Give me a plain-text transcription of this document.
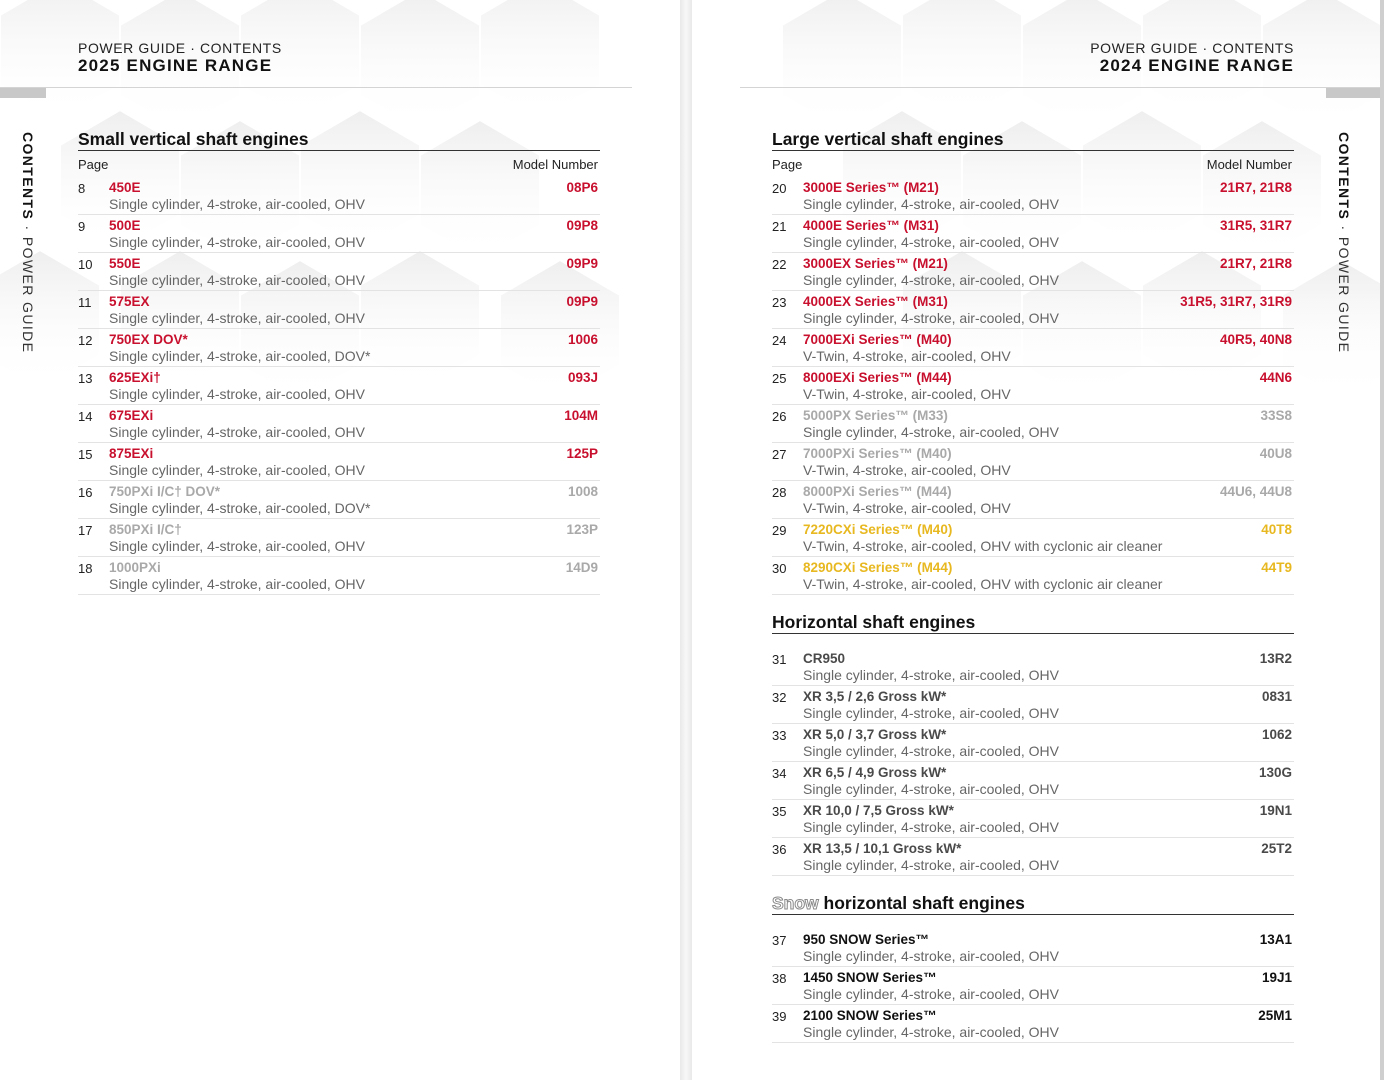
POWER GUIDE · CONTENTS
2025 ENGINE RANGE
CONTENTS · POWER GUIDE
Small vertical shaft engines
Page	Model Number
8 450E
Single cylinder, 4-stroke, air-cooled, OHV
08P6
9 500E
Single cylinder, 4-stroke, air-cooled, OHV
09P8
10 550E
Single cylinder, 4-stroke, air-cooled, OHV
09P9
11 575EX
Single cylinder, 4-stroke, air-cooled, OHV
09P9
12 750EX DOV*
Single cylinder, 4-stroke, air-cooled, DOV*
1006
13 625EXi†
Single cylinder, 4-stroke, air-cooled, OHV
093J
14 675EXi
Single cylinder, 4-stroke, air-cooled, OHV
104M
15 875EXi
Single cylinder, 4-stroke, air-cooled, OHV
125P
16 750PXi I/C† DOV*
Single cylinder, 4-stroke, air-cooled, DOV*
1008
17 850PXi I/C†
Single cylinder, 4-stroke, air-cooled, OHV
123P
18 1000PXi
Single cylinder, 4-stroke, air-cooled, OHV
14D9
POWER GUIDE · CONTENTS
2024 ENGINE RANGE
CONTENTS · POWER GUIDE
Large vertical shaft engines
Page	Model Number
20 3000E Series™ (M21)
Single cylinder, 4-stroke, air-cooled, OHV
21R7, 21R8
21 4000E Series™ (M31)
Single cylinder, 4-stroke, air-cooled, OHV
31R5, 31R7
22 3000EX Series™ (M21)
Single cylinder, 4-stroke, air-cooled, OHV
21R7, 21R8
23 4000EX Series™ (M31)
Single cylinder, 4-stroke, air-cooled, OHV
31R5, 31R7, 31R9
24 7000EXi Series™ (M40)
V-Twin, 4-stroke, air-cooled, OHV
40R5, 40N8
25 8000EXi Series™ (M44)
V-Twin, 4-stroke, air-cooled, OHV
44N6
26 5000PX Series™ (M33)
Single cylinder, 4-stroke, air-cooled, OHV
33S8
27 7000PXi Series™ (M40)
V-Twin, 4-stroke, air-cooled, OHV
40U8
28 8000PXi Series™ (M44)
V-Twin, 4-stroke, air-cooled, OHV
44U6, 44U8
29 7220CXi Series™ (M40)
V-Twin, 4-stroke, air-cooled, OHV with cyclonic air cleaner
40T8
30 8290CXi Series™ (M44)
V-Twin, 4-stroke, air-cooled, OHV with cyclonic air cleaner
44T9
Horizontal shaft engines
31 CR950
Single cylinder, 4-stroke, air-cooled, OHV
13R2
32 XR 3,5 / 2,6 Gross kW*
Single cylinder, 4-stroke, air-cooled, OHV
0831
33 XR 5,0 / 3,7 Gross kW*
Single cylinder, 4-stroke, air-cooled, OHV
1062
34 XR 6,5 / 4,9 Gross kW*
Single cylinder, 4-stroke, air-cooled, OHV
130G
35 XR 10,0 / 7,5 Gross kW*
Single cylinder, 4-stroke, air-cooled, OHV
19N1
36 XR 13,5 / 10,1 Gross kW*
Single cylinder, 4-stroke, air-cooled, OHV
25T2
Snow horizontal shaft engines
37 950 SNOW Series™
Single cylinder, 4-stroke, air-cooled, OHV
13A1
38 1450 SNOW Series™
Single cylinder, 4-stroke, air-cooled, OHV
19J1
39 2100 SNOW Series™
Single cylinder, 4-stroke, air-cooled, OHV
25M1
